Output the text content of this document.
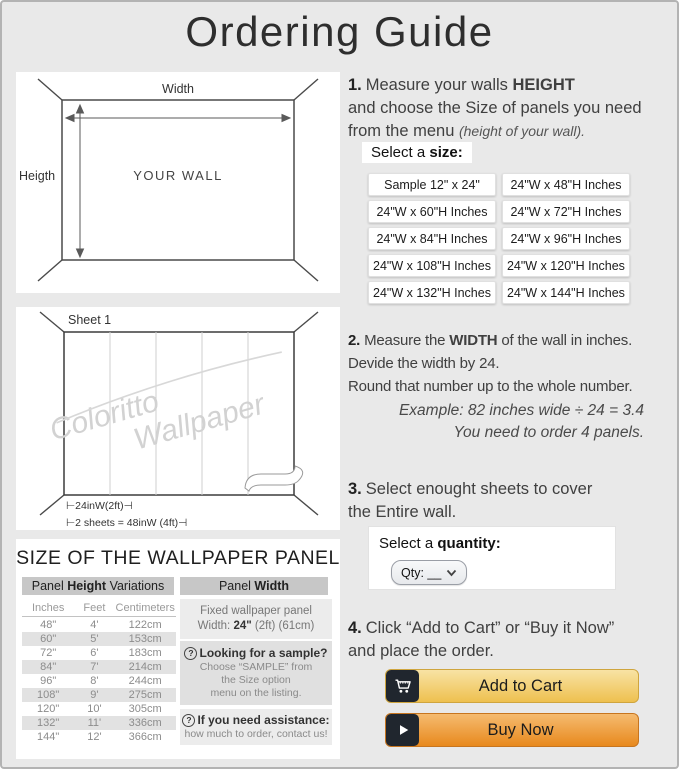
Ordering Guide
Width
Heigth	YOUR WALL
Sheet 1
Coloritto
Wallpaper
⊢24inW(2ft)⊣
⊢2 sheets = 48inW (4ft)⊣
SIZE OF THE WALLPAPER PANEL
Panel Height Variations	Panel Width
Inches	Feet Centimeters
48"	4'	122cm
60"	5'	153cm
72"	6'	183cm
84"	7'	214cm
96"	8'	244cm
108"	9'	275cm
120"	10'	305cm
132"	11'	336cm
144"	12'	366cm
Fixed wallpaper panel
Width: 24" (2ft) (61cm)
? Looking for a sample?
Choose “SAMPLE” from
the Size option
menu on the listing.
? If you need assistance:
how much to order, contact us!

1. Measure your walls HEIGHT
and choose the Size of panels you need
from the menu (height of your wall).

Select a size:
Sample 12" x 24"	24"W x 48"H Inches
24"W x 60"H Inches	24"W x 72"H Inches
24"W x 84"H Inches	24"W x 96"H Inches
24"W x 108"H Inches	24"W x 120"H Inches
24"W x 132"H Inches	24"W x 144"H Inches

2. Measure the WIDTH of the wall in inches.
Devide the width by 24.
Round that number up to the whole number.

Example: 82 inches wide ÷ 24 = 3.4
You need to order 4 panels.

3. Select enought sheets to cover
the Entire wall.

Select a quantity:
Qty: __

4. Click “Add to Cart” or “Buy it Now”
and place the order.

Add to Cart
Buy Now
